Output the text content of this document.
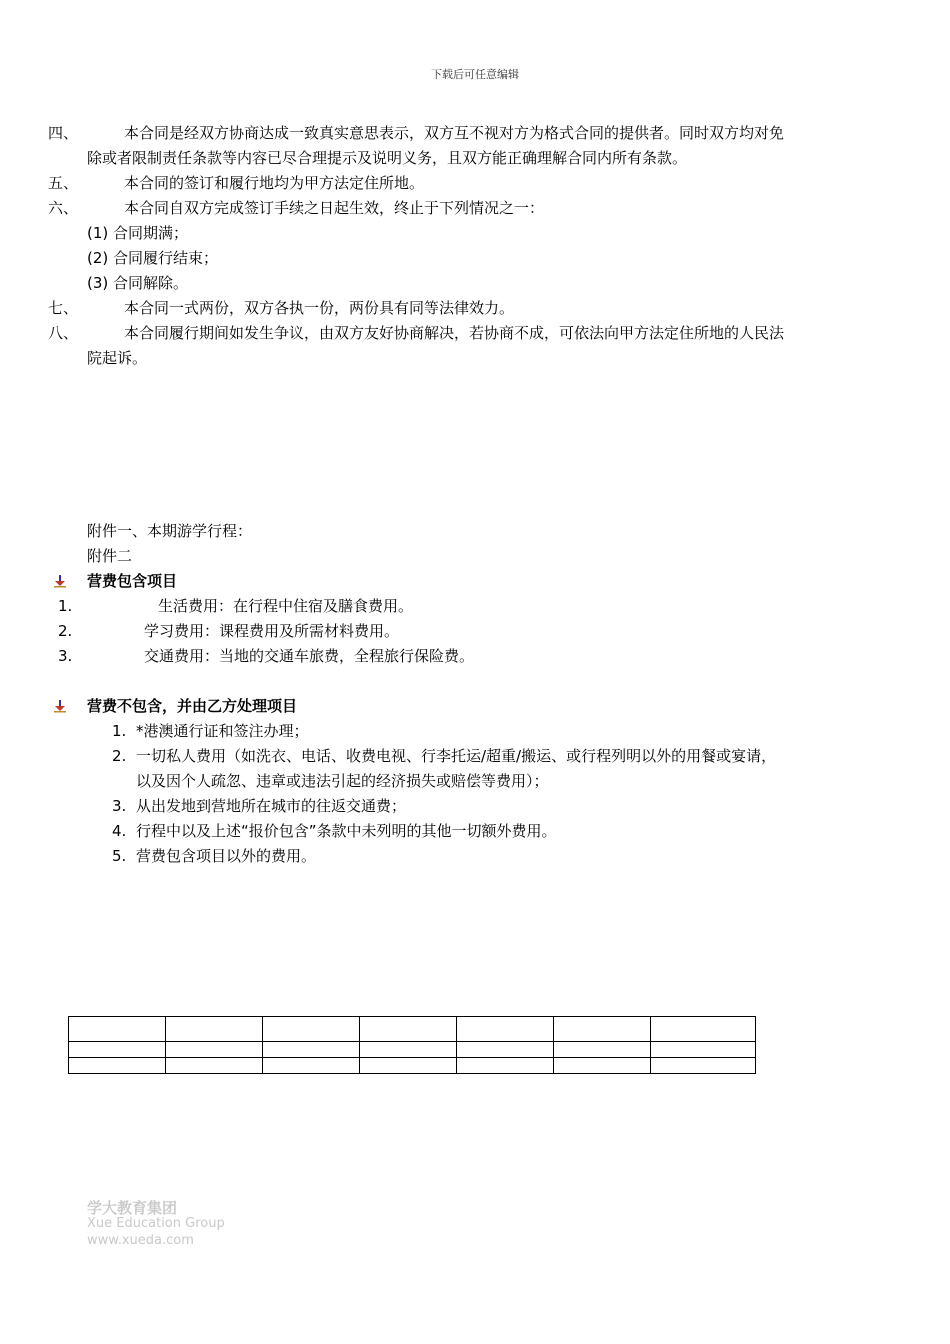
下载后可任意编辑
四、	本合同是经双方协商达成一致真实意思表示，双方互不视对方为格式合同的提供者。同时双方均对免
除或者限制责任条款等内容已尽合理提示及说明义务，且双方能正确理解合同内所有条款。
五、	本合同的签订和履行地均为甲方法定住所地。
六、	本合同自双方完成签订手续之日起生效，终止于下列情况之一：
(1) 合同期满；
(2) 合同履行结束；
(3) 合同解除。
七、	本合同一式两份，双方各执一份，两份具有同等法律效力。
八、	本合同履行期间如发生争议，由双方友好协商解决，若协商不成，可依法向甲方法定住所地的人民法
院起诉。
附件一、本期游学行程：
附件二
营费包含项目
1.	生活费用：在行程中住宿及膳食费用。
2.	学习费用：课程费用及所需材料费用。
3.	交通费用：当地的交通车旅费，全程旅行保险费。
营费不包含，并由乙方处理项目
1. *港澳通行证和签注办理；
2. 一切私人费用（如洗衣、电话、收费电视、行李托运/超重/搬运、或行程列明以外的用餐或宴请，
以及因个人疏忽、违章或违法引起的经济损失或赔偿等费用）；
3. 从出发地到营地所在城市的往返交通费；
4. 行程中以及上述“报价包含”条款中未列明的其他一切额外费用。
5. 营费包含项目以外的费用。

学大教育集团
Xue Education Group
www.xueda.com
